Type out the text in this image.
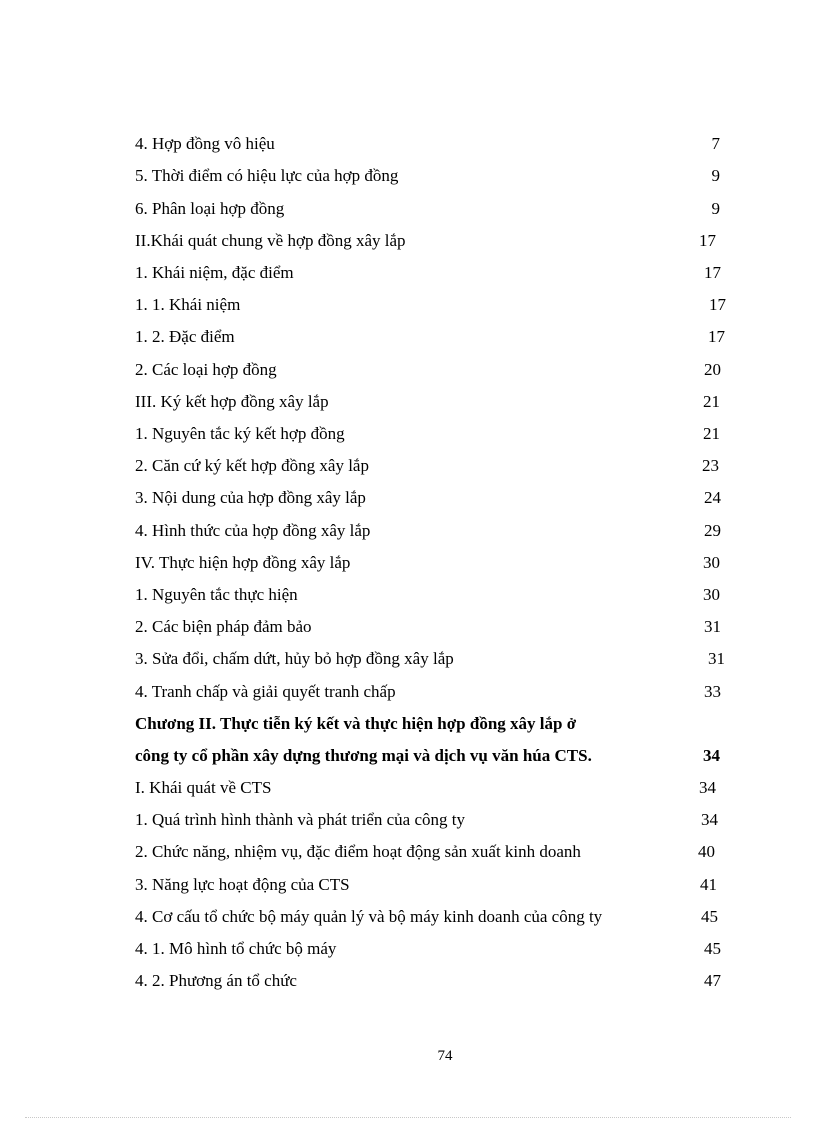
4. Hợp đồng vô hiệu	7
5. Thời điểm có hiệu lực của hợp đồng	9
6. Phân loại hợp đồng	9
II.Khái quát chung về hợp đồng xây lắp	17
1. Khái niệm, đặc điểm	17
1. 1. Khái niệm	17
1. 2. Đặc điểm	17
2. Các loại hợp đồng	20
III. Ký kết hợp đồng xây lắp	21
1. Nguyên tắc ký kết hợp đồng	21
2. Căn cứ ký kết hợp đồng xây lắp	23
3. Nội dung của hợp đồng xây lắp	24
4. Hình thức của hợp đồng xây lắp	29
IV. Thực hiện hợp đồng xây lắp	30
1. Nguyên tắc thực hiện	30
2. Các biện pháp đảm bảo	31
3. Sửa đổi, chấm dứt, hủy bỏ hợp đồng xây lắp	31
4. Tranh chấp và giải quyết tranh chấp	33
Chương II. Thực tiễn ký kết và thực hiện hợp đồng xây lắp ở
công ty cổ phần xây dựng thương mại và dịch vụ văn húa CTS.	34
I. Khái quát về CTS	34
1. Quá trình hình thành và phát triển của công ty	34
2. Chức năng, nhiệm vụ, đặc điểm hoạt động sản xuất kinh doanh	40
3. Năng lực hoạt động của CTS	41
4. Cơ cấu tổ chức bộ máy quản lý và bộ máy kinh doanh của công ty	45
4. 1. Mô hình tổ chức bộ máy	45
4. 2. Phương án tổ chức	47
74
